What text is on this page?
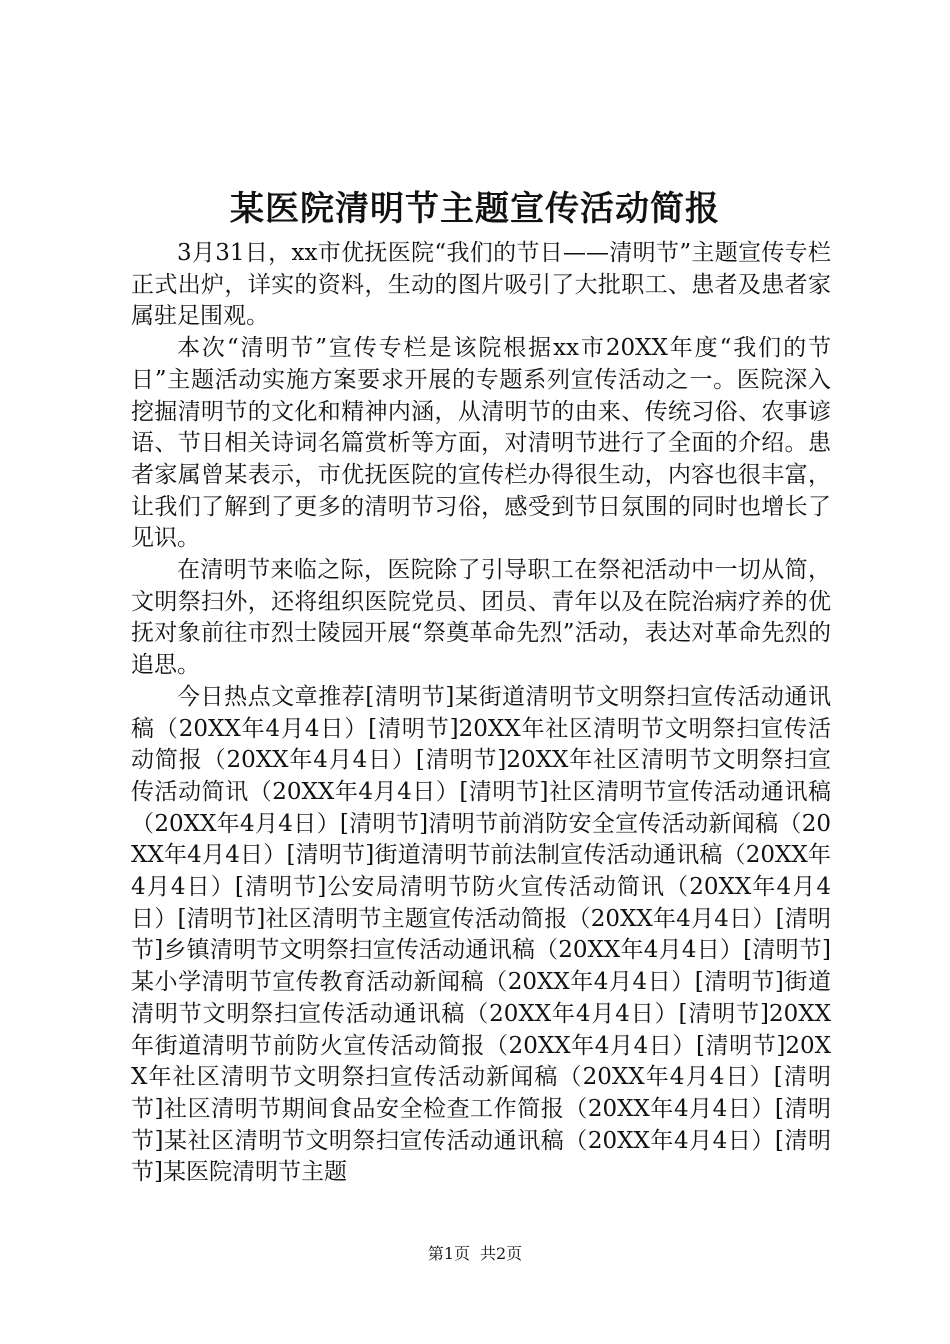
某医院清明节主题宣传活动简报

3月31日，xx市优抚医院“我们的节日——清明节”主题宣传专栏正式出炉，详实的资料，生动的图片吸引了大批职工、患者及患者家属驻足围观。

本次“清明节”宣传专栏是该院根据xx市20XX年度“我们的节日”主题活动实施方案要求开展的专题系列宣传活动之一。医院深入挖掘清明节的文化和精神内涵，从清明节的由来、传统习俗、农事谚语、节日相关诗词名篇赏析等方面，对清明节进行了全面的介绍。患者家属曾某表示，市优抚医院的宣传栏办得很生动，内容也很丰富，让我们了解到了更多的清明节习俗，感受到节日氛围的同时也增长了见识。

在清明节来临之际，医院除了引导职工在祭祀活动中一切从简，文明祭扫外，还将组织医院党员、团员、青年以及在院治病疗养的优抚对象前往市烈士陵园开展“祭奠革命先烈”活动，表达对革命先烈的追思。

今日热点文章推荐[清明节]某街道清明节文明祭扫宣传活动通讯稿（20XX年4月4日）[清明节]20XX年社区清明节文明祭扫宣传活动简报（20XX年4月4日）[清明节]20XX年社区清明节文明祭扫宣传活动简讯（20XX年4月4日）[清明节]社区清明节宣传活动通讯稿（20XX年4月4日）[清明节]清明节前消防安全宣传活动新闻稿（20XX年4月4日）[清明节]街道清明节前法制宣传活动通讯稿（20XX年4月4日）[清明节]公安局清明节防火宣传活动简讯（20XX年4月4日）[清明节]社区清明节主题宣传活动简报（20XX年4月4日）[清明节]乡镇清明节文明祭扫宣传活动通讯稿（20XX年4月4日）[清明节]某小学清明节宣传教育活动新闻稿（20XX年4月4日）[清明节]街道清明节文明祭扫宣传活动通讯稿（20XX年4月4日）[清明节]20XX年街道清明节前防火宣传活动简报（20XX年4月4日）[清明节]20XX年社区清明节文明祭扫宣传活动新闻稿（20XX年4月4日）[清明节]社区清明节期间食品安全检查工作简报（20XX年4月4日）[清明节]某社区清明节文明祭扫宣传活动通讯稿（20XX年4月4日）[清明节]某医院清明节主题

第1页 共2页
